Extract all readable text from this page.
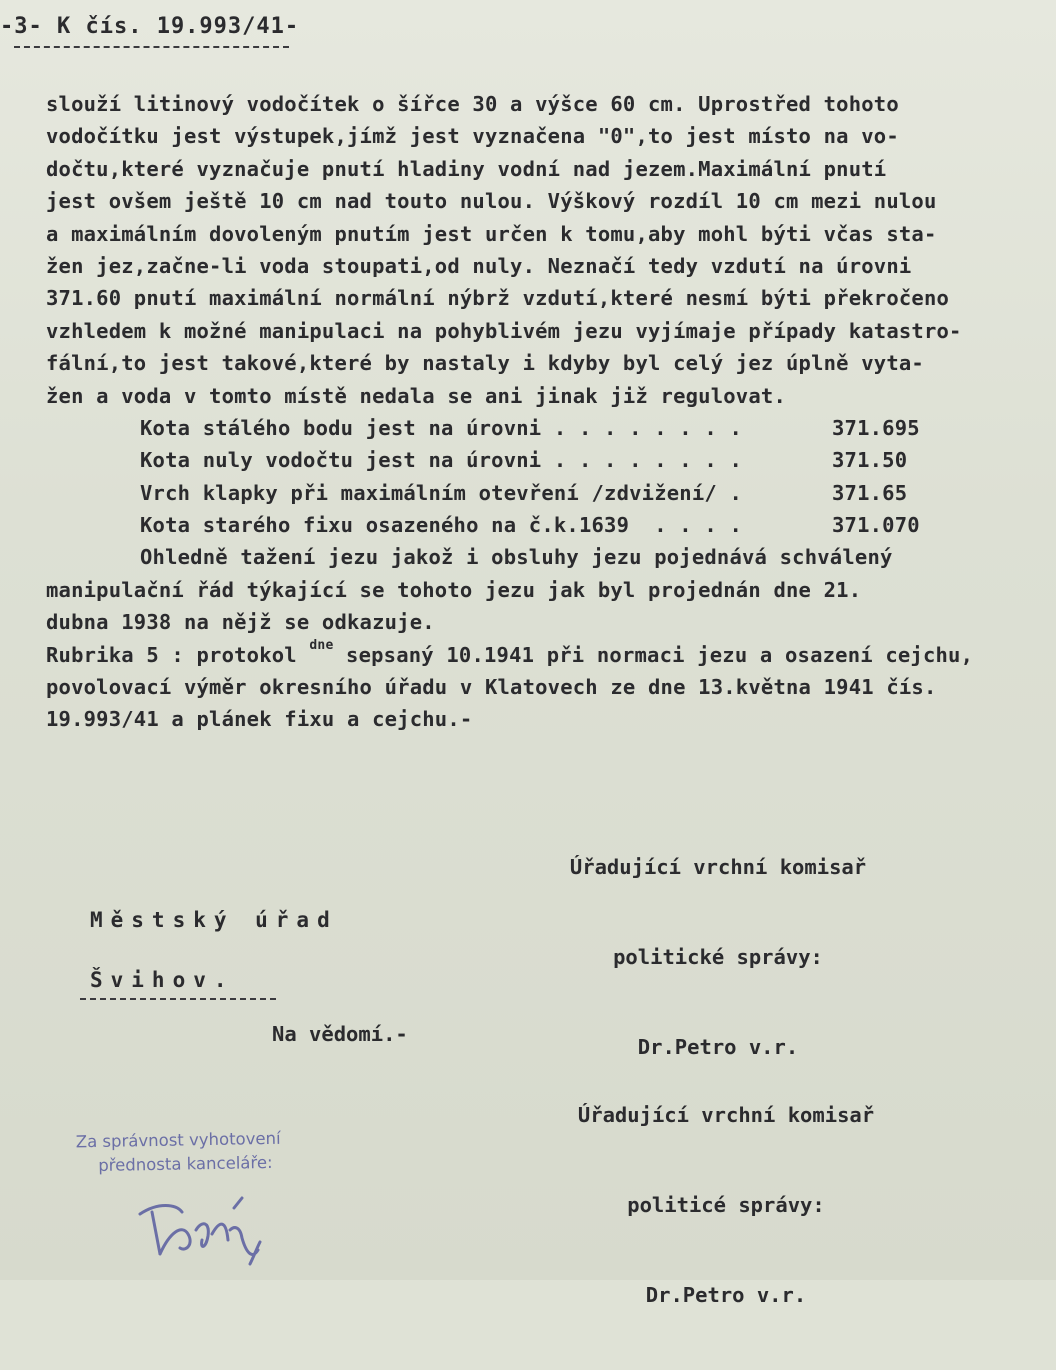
-3- K čís. 19.993/41-
slouží litinový vodočítek o šířce 30 a výšce 60 cm. Uprostřed tohoto
vodočítku jest výstupek,jímž jest vyznačena "0",to jest místo na vo-
dočtu,které vyznačuje pnutí hladiny vodní nad jezem.Maximální pnutí
jest ovšem ještě 10 cm nad touto nulou. Výškový rozdíl 10 cm mezi nulou
a maximálním dovoleným pnutím jest určen k tomu,aby mohl býti včas sta-
žen jez,začne-li voda stoupati,od nuly. Neznačí tedy vzdutí na úrovni
371.60 pnutí maximální normální nýbrž vzdutí,které nesmí býti překročeno
vzhledem k možné manipulaci na pohyblivém jezu vyjímaje případy katastro-
fální,to jest takové,které by nastaly i kdyby byl celý jez úplně vyta-
žen a voda v tomto místě nedala se ani jinak již regulovat.
Kota stálého bodu jest na úrovni . . . . . . . .	371.695
Kota nuly vodočtu jest na úrovni . . . . . . . .	371.50
Vrch klapky při maximálním otevření /zdvižení/ .	371.65
Kota starého fixu osazeného na č.k.1639  . . . .	371.070
Ohledně tažení jezu jakož i obsluhy jezu pojednává schválený
manipulační řád týkající se tohoto jezu jak byl projednán dne 21.
dubna 1938 na nějž se odkazuje.
Rubrika 5 : protokol $^{dne}$ sepsaný 10.1941 při normaci jezu a osazení cejchu,
povolovací výměr okresního úřadu v Klatovech ze dne 13.května 1941 čís.
19.993/41 a plánek fixu a cejchu.-

Úřadující vrchní komisař

politické správy:

Dr.Petro v.r.

Městský úřad
Švihov.
Na vědomí.-

Úřadující vrchní komisař

politicé správy:

Dr.Petro v.r.

Za správnost vyhotovení
přednosta kanceláře:
